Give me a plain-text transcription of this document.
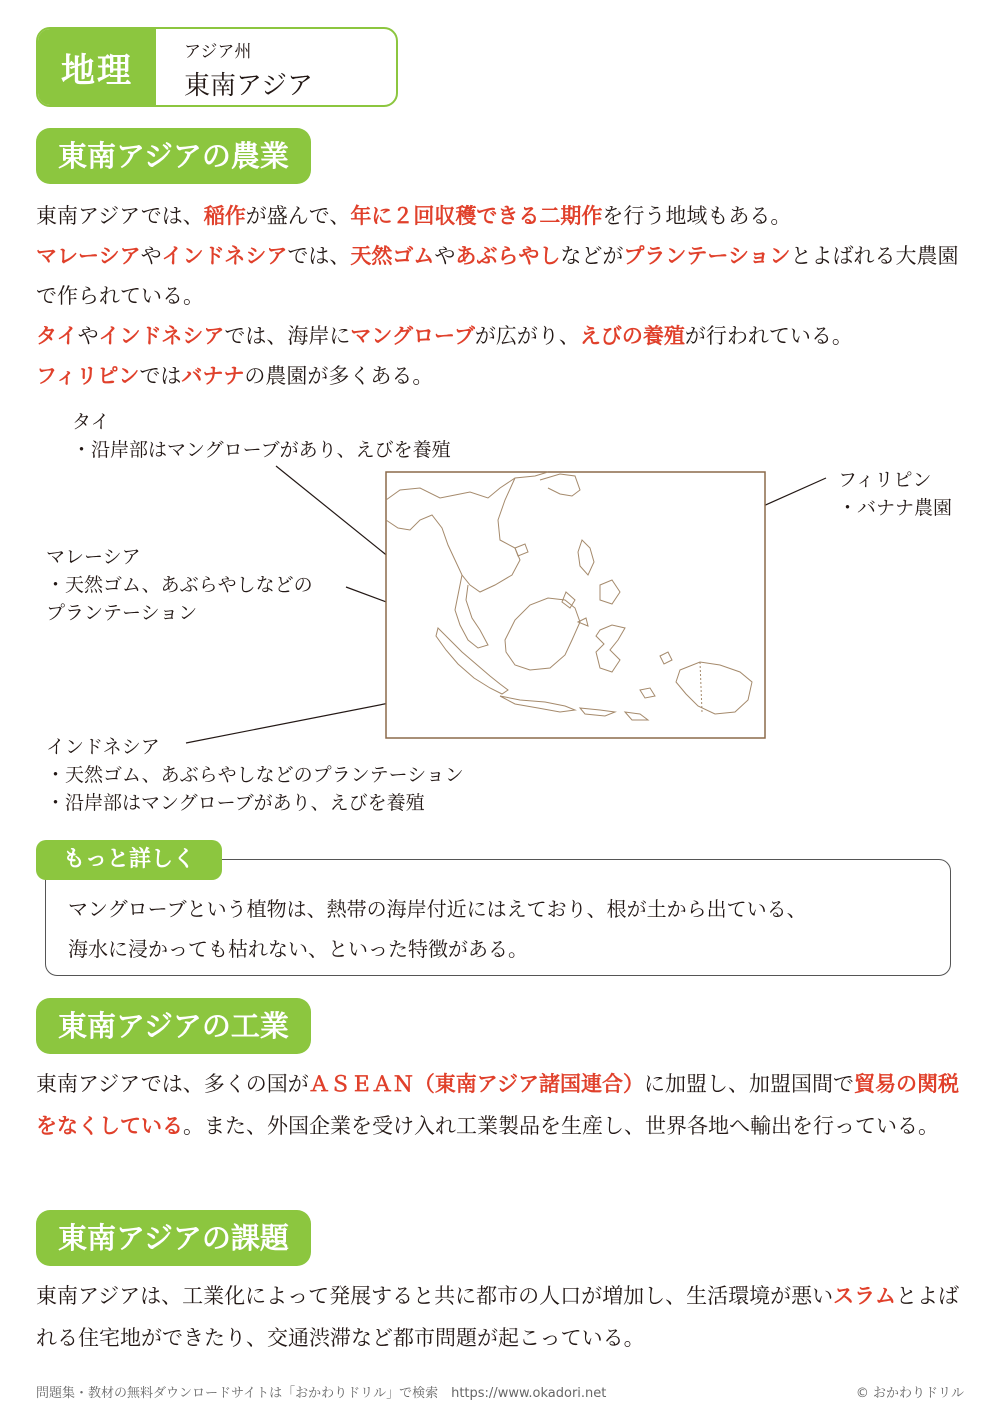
地理	アジア州
東南アジア
東南アジアの農業

東南アジアでは、稲作が盛んで、年に２回収穫できる二期作を行う地域もある。

マレーシアやインドネシアでは、天然ゴムやあぶらやしなどがプランテーションとよばれる大農園で作られている。

タイやインドネシアでは、海岸にマングローブが広がり、えびの養殖が行われている。

フィリピンではバナナの農園が多くある。

タイ
・沿岸部はマングローブがあり、えびを養殖
マレーシア
・天然ゴム、あぶらやしなどの
プランテーション
フィリピン
・バナナ農園
インドネシア
・天然ゴム、あぶらやしなどのプランテーション
・沿岸部はマングローブがあり、えびを養殖
もっと詳しく
マングローブという植物は、熱帯の海岸付近にはえており、根が土から出ている、
海水に浸かっても枯れない、といった特徴がある。
東南アジアの工業
東南アジアでは、多くの国がＡＳＥＡＮ（東南アジア諸国連合）に加盟し、加盟国間で貿易の関税をなくしている。また、外国企業を受け入れ工業製品を生産し、世界各地へ輸出を行っている。
東南アジアの課題
東南アジアは、工業化によって発展すると共に都市の人口が増加し、生活環境が悪いスラムとよばれる住宅地ができたり、交通渋滞など都市問題が起こっている。
問題集・教材の無料ダウンロードサイトは「おかわりドリル」で検索　https://www.okadori.net	© おかわりドリル
